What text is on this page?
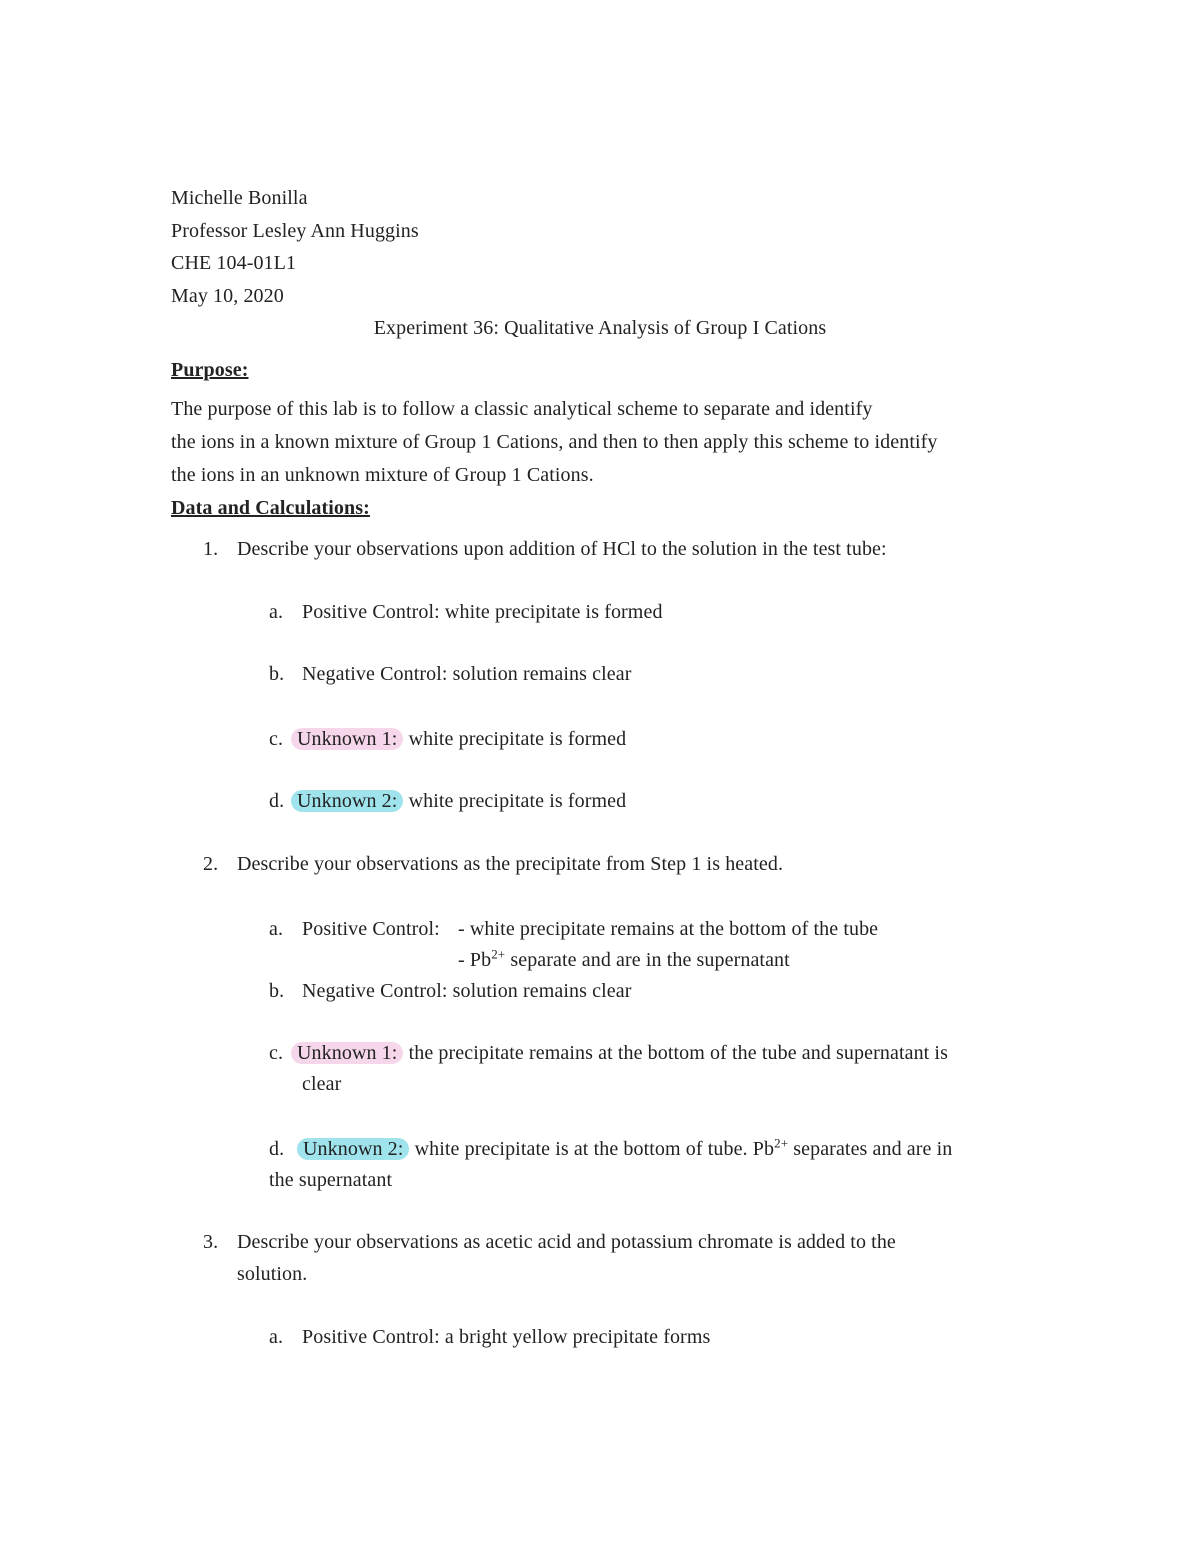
Michelle Bonilla
Professor Lesley Ann Huggins
CHE 104-01L1
May 10, 2020
Experiment 36: Qualitative Analysis of Group I Cations
Purpose:
The purpose of this lab is to follow a classic analytical scheme to separate and identify
the ions in a known mixture of Group 1 Cations, and then to then apply this scheme to identify
the ions in an unknown mixture of Group 1 Cations.
Data and Calculations:
1. Describe your observations upon addition of HCl to the solution in the test tube:
a. Positive Control: white precipitate is formed
b. Negative Control: solution remains clear
c. Unknown 1: white precipitate is formed
d. Unknown 2: white precipitate is formed
2. Describe your observations as the precipitate from Step 1 is heated.
a. Positive Control: - white precipitate remains at the bottom of the tube
- $Pb^{2+}$ separate and are in the supernatant
b. Negative Control: solution remains clear
c. Unknown 1: the precipitate remains at the bottom of the tube and supernatant is
clear
d. Unknown 2: white precipitate is at the bottom of tube. $Pb^{2+}$ separates and are in
the supernatant
3. Describe your observations as acetic acid and potassium chromate is added to the
solution.
a. Positive Control: a bright yellow precipitate forms
